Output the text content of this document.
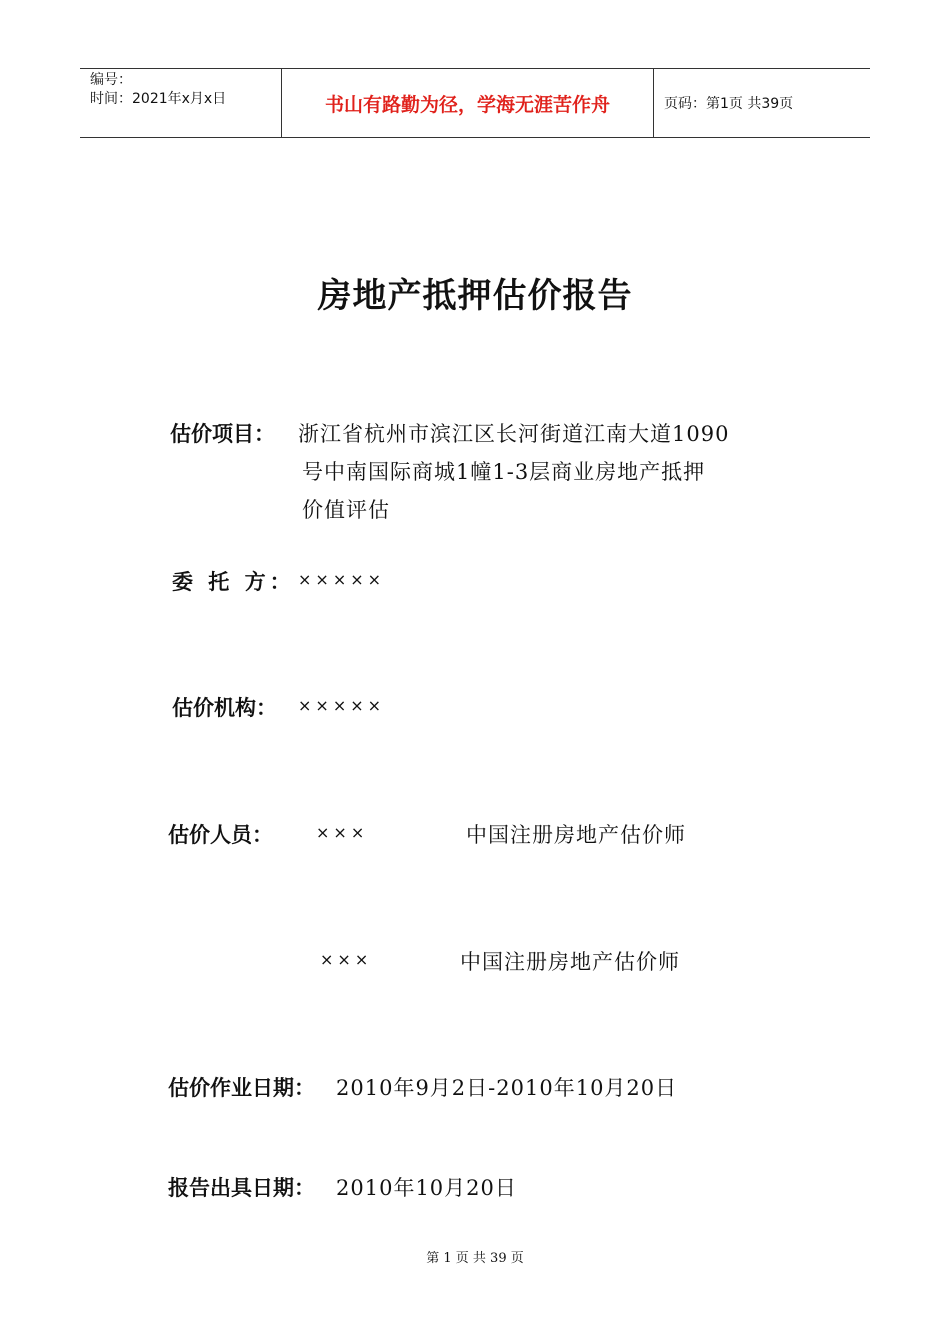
编号：
时间：2021年x月x日	书山有路勤为径，学海无涯苦作舟	页码：第1页 共39页
房地产抵押估价报告
估价项目： 浙江省杭州市滨江区长河街道江南大道1090
号中南国际商城1幢1-3层商业房地产抵押
价值评估
委 托 方： ×××××
估价机构： ×××××
估价人员：	×××	中国注册房地产估价师
×××	中国注册房地产估价师
估价作业日期： 2010年9月2日-2010年10月20日
报告出具日期： 2010年10月20日
第 1 页 共 39 页
